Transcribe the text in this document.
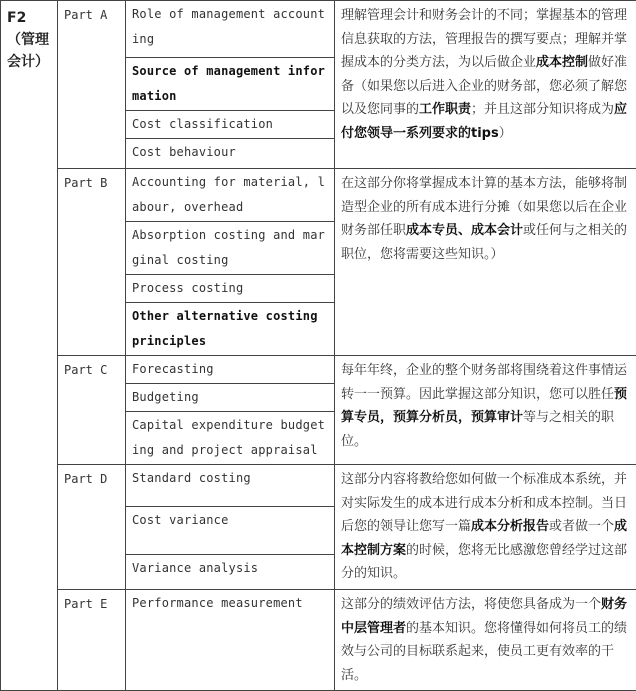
F2
（管理会计）	Part A	Role of management accounting	理解管理会计和财务会计的不同；掌握基本的管理信息获取的方法，管理报告的撰写要点；理解并掌握成本的分类方法，为以后做企业成本控制做好准备（如果您以后进入企业的财务部，您必须了解您以及您同事的工作职责；并且这部分知识将成为应付您领导一系列要求的tips）
		Source of management information	
		Cost classification	
		Cost behaviour	
	Part B	Accounting for material, labour, overhead	在这部分你将掌握成本计算的基本方法，能够将制造型企业的所有成本进行分摊（如果您以后在企业财务部任职成本专员、成本会计或任何与之相关的职位，您将需要这些知识。）
		Absorption costing and marginal costing	
		Process costing	
		Other alternative costing principles	
	Part C	Forecasting	每年年终，企业的整个财务部将围绕着这件事情运转一一预算。因此掌握这部分知识，您可以胜任预算专员，预算分析员，预算审计等与之相关的职位。
		Budgeting	
		Capital expenditure budgeting and project appraisal	
	Part D	Standard costing	这部分内容将教给您如何做一个标准成本系统，并对实际发生的成本进行成本分析和成本控制。当日后您的领导让您写一篇成本分析报告或者做一个成本控制方案的时候，您将无比感激您曾经学过这部分的知识。
		Cost variance	
		Variance analysis	
	Part E	Performance measurement	这部分的绩效评估方法，将使您具备成为一个财务中层管理者的基本知识。您将懂得如何将员工的绩效与公司的目标联系起来，使员工更有效率的干活。
